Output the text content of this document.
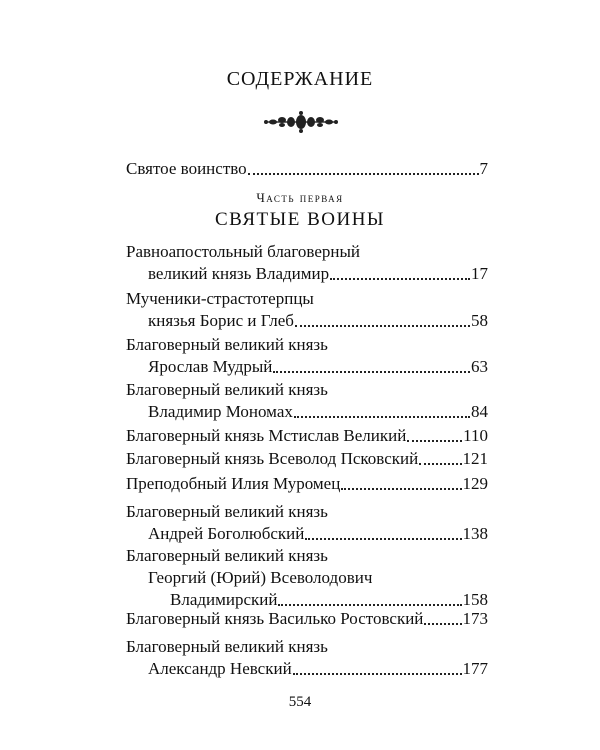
СОДЕРЖАНИЕ
Святое воинство	7
Равноапостольный благоверный
великий князь Владимир	17
Мученики-страстотерпцы
князья Борис и Глеб	58
Благоверный великий князь
Ярослав Мудрый	63
Благоверный великий князь
Владимир Мономах	84
Благоверный князь Мстислав Великий	110
Благоверный князь Всеволод Псковский	121
Преподобный Илия Муромец	129
Благоверный великий князь
Андрей Боголюбский	138
Благоверный великий князь
Георгий (Юрий) Всеволодович
Владимирский	158
Благоверный князь Василько Ростовский 173
Благоверный великий князь
Александр Невский	177
Часть первая
СВЯТЫЕ ВОИНЫ
554
